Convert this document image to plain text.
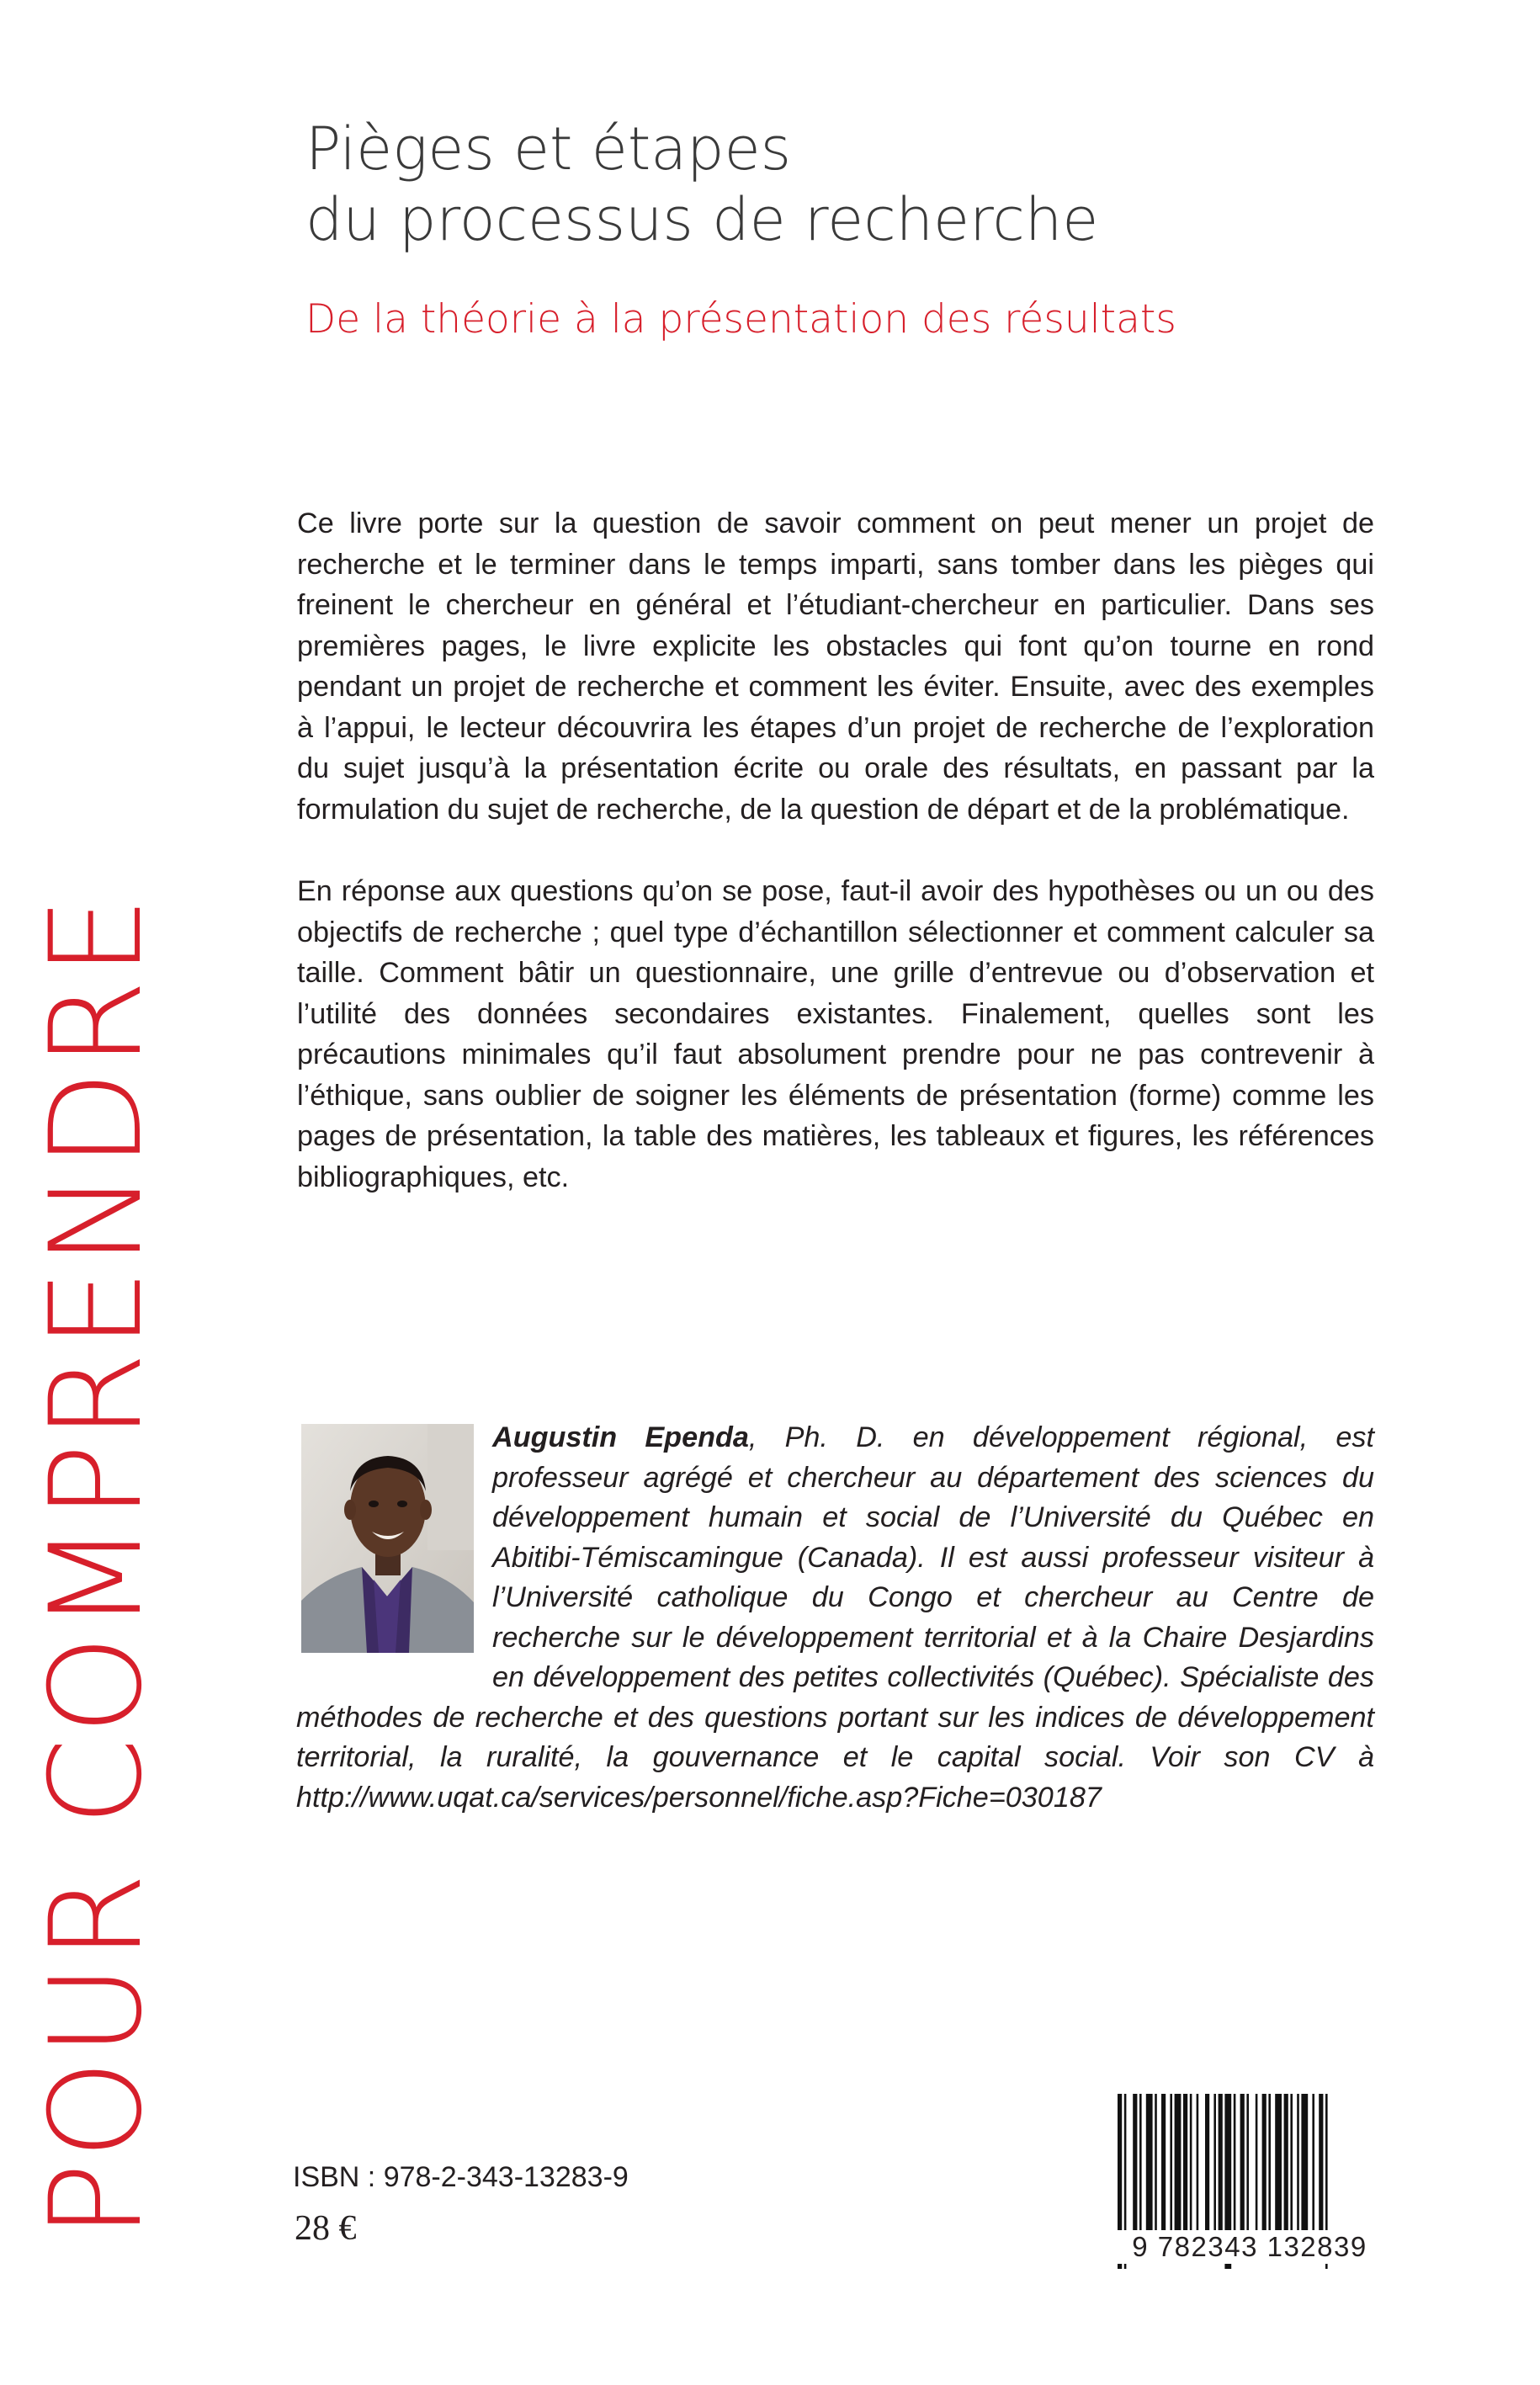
POUR COMPRENDRE
Pièges et étapes
du processus de recherche
De la théorie à la présentation des résultats

Ce livre porte sur la question de savoir comment on peut mener un projet de recherche et le terminer dans le temps imparti, sans tomber dans les pièges qui freinent le chercheur en général et l’étudiant-chercheur en particulier. Dans ses premières pages, le livre explicite les obstacles qui font qu’on tourne en rond pendant un projet de recherche et comment les éviter. Ensuite, avec des exemples à l’appui, le lecteur découvrira les étapes d’un projet de recherche de l’exploration du sujet jusqu’à la présentation écrite ou orale des résultats, en passant par la formulation du sujet de recherche, de la question de départ et de la problématique.

En réponse aux questions qu’on se pose, faut-il avoir des hypothèses ou un ou des objectifs de recherche ; quel type d’échantillon sélectionner et comment calculer sa taille. Comment bâtir un questionnaire, une grille d’entrevue ou d’observation et l’utilité des données secondaires existantes. Finalement, quelles sont les précautions minimales qu’il faut absolument prendre pour ne pas contrevenir à l’éthique, sans oublier de soigner les éléments de présentation (forme) comme les pages de présentation, la table des matières, les tableaux et figures, les références bibliographiques, etc.

Augustin Ependa, Ph. D. en développement régional, est professeur agrégé et chercheur au département des sciences du développement humain et social de l’Université du Québec en Abitibi-Témiscamingue (Canada). Il est aussi professeur visiteur à l’Université catholique du Congo et chercheur au Centre de recherche sur le développement territorial et à la Chaire Desjardins en développement des petites collectivités (Québec). Spécialiste des méthodes de recherche et des questions portant sur les indices de développement territorial, la ruralité, la gouvernance et le capital social. Voir son CV à http://www.uqat.ca/services/personnel/fiche.asp?Fiche=030187
ISBN : 978-2-343-13283-9
28 €	9 782343 132839
